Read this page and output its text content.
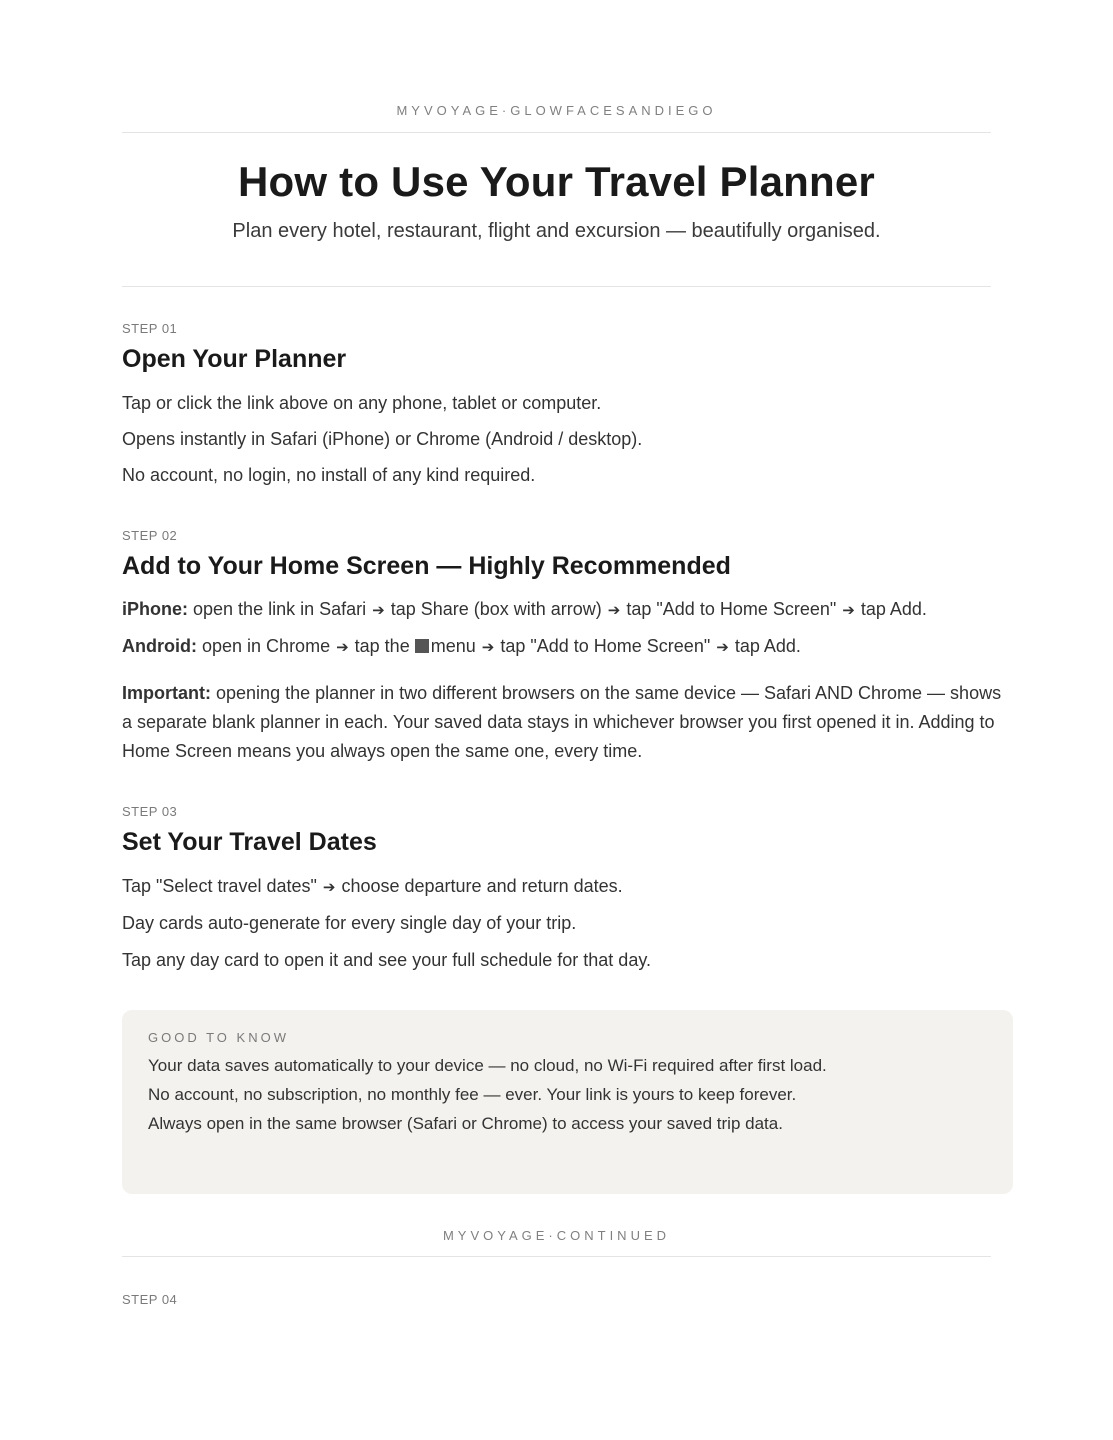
MYVOYAGE·GLOWFACESANDIEGO
How to Use Your Travel Planner

Plan every hotel, restaurant, flight and excursion — beautifully organised.

STEP 01
Open Your Planner

Tap or click the link above on any phone, tablet or computer.

Opens instantly in Safari (iPhone) or Chrome (Android / desktop).

No account, no login, no install of any kind required.

STEP 02
Add to Your Home Screen — Highly Recommended

iPhone: open the link in Safari ➔ tap Share (box with arrow) ➔ tap "Add to Home Screen" ➔ tap Add.

Android: open in Chrome ➔ tap the menu ➔ tap "Add to Home Screen" ➔ tap Add.

Important: opening the planner in two different browsers on the same device — Safari AND Chrome — shows a separate blank planner in each. Your saved data stays in whichever browser you first opened it in. Adding to Home Screen means you always open the same one, every time.

STEP 03
Set Your Travel Dates

Tap "Select travel dates" ➔ choose departure and return dates.

Day cards auto-generate for every single day of your trip.

Tap any day card to open it and see your full schedule for that day.

GOOD TO KNOW

Your data saves automatically to your device — no cloud, no Wi-Fi required after first load.

No account, no subscription, no monthly fee — ever. Your link is yours to keep forever.

Always open in the same browser (Safari or Chrome) to access your saved trip data.

MYVOYAGE·CONTINUED
STEP 04
